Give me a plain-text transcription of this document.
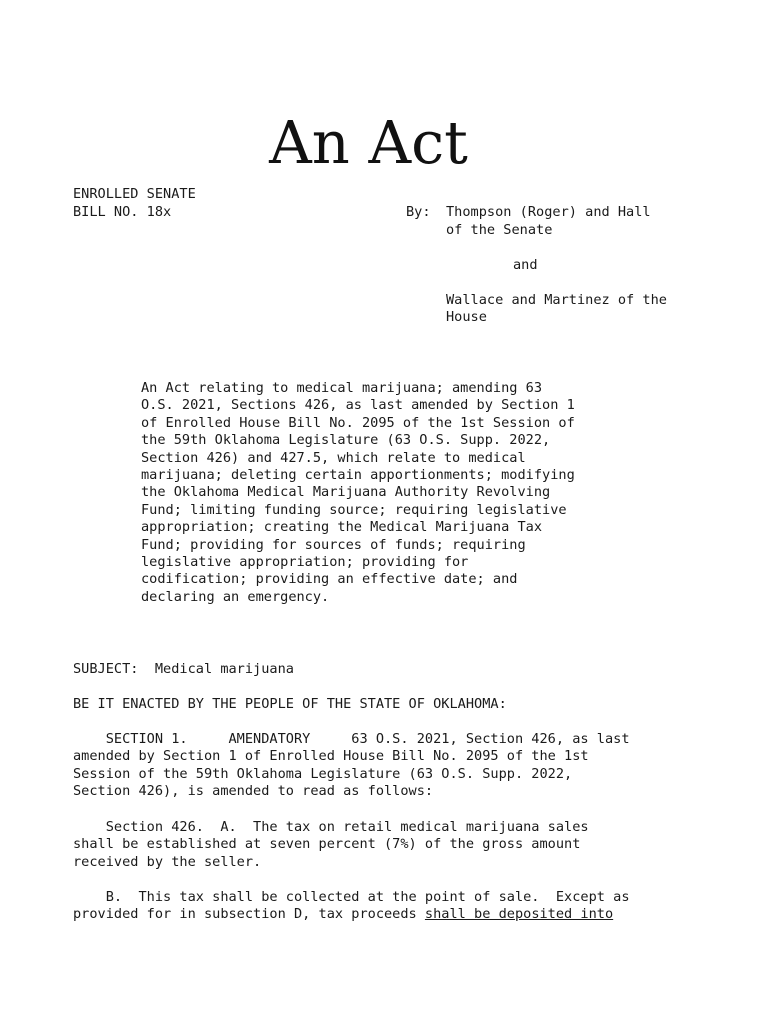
An Act
ENROLLED SENATE
BILL NO. 18x	By: Thompson (Roger) and Hall
of the Senate
and
Wallace and Martinez of the
House
An Act relating to medical marijuana; amending 63
O.S. 2021, Sections 426, as last amended by Section 1
of Enrolled House Bill No. 2095 of the 1st Session of
the 59th Oklahoma Legislature (63 O.S. Supp. 2022,
Section 426) and 427.5, which relate to medical
marijuana; deleting certain apportionments; modifying
the Oklahoma Medical Marijuana Authority Revolving
Fund; limiting funding source; requiring legislative
appropriation; creating the Medical Marijuana Tax
Fund; providing for sources of funds; requiring
legislative appropriation; providing for
codification; providing an effective date; and
declaring an emergency.
SUBJECT:  Medical marijuana
BE IT ENACTED BY THE PEOPLE OF THE STATE OF OKLAHOMA:
SECTION 1.     AMENDATORY     63 O.S. 2021, Section 426, as last
amended by Section 1 of Enrolled House Bill No. 2095 of the 1st
Session of the 59th Oklahoma Legislature (63 O.S. Supp. 2022,
Section 426), is amended to read as follows:
Section 426.  A.  The tax on retail medical marijuana sales
shall be established at seven percent (7%) of the gross amount
received by the seller.
B.  This tax shall be collected at the point of sale.  Except as
provided for in subsection D, tax proceeds shall be deposited into
